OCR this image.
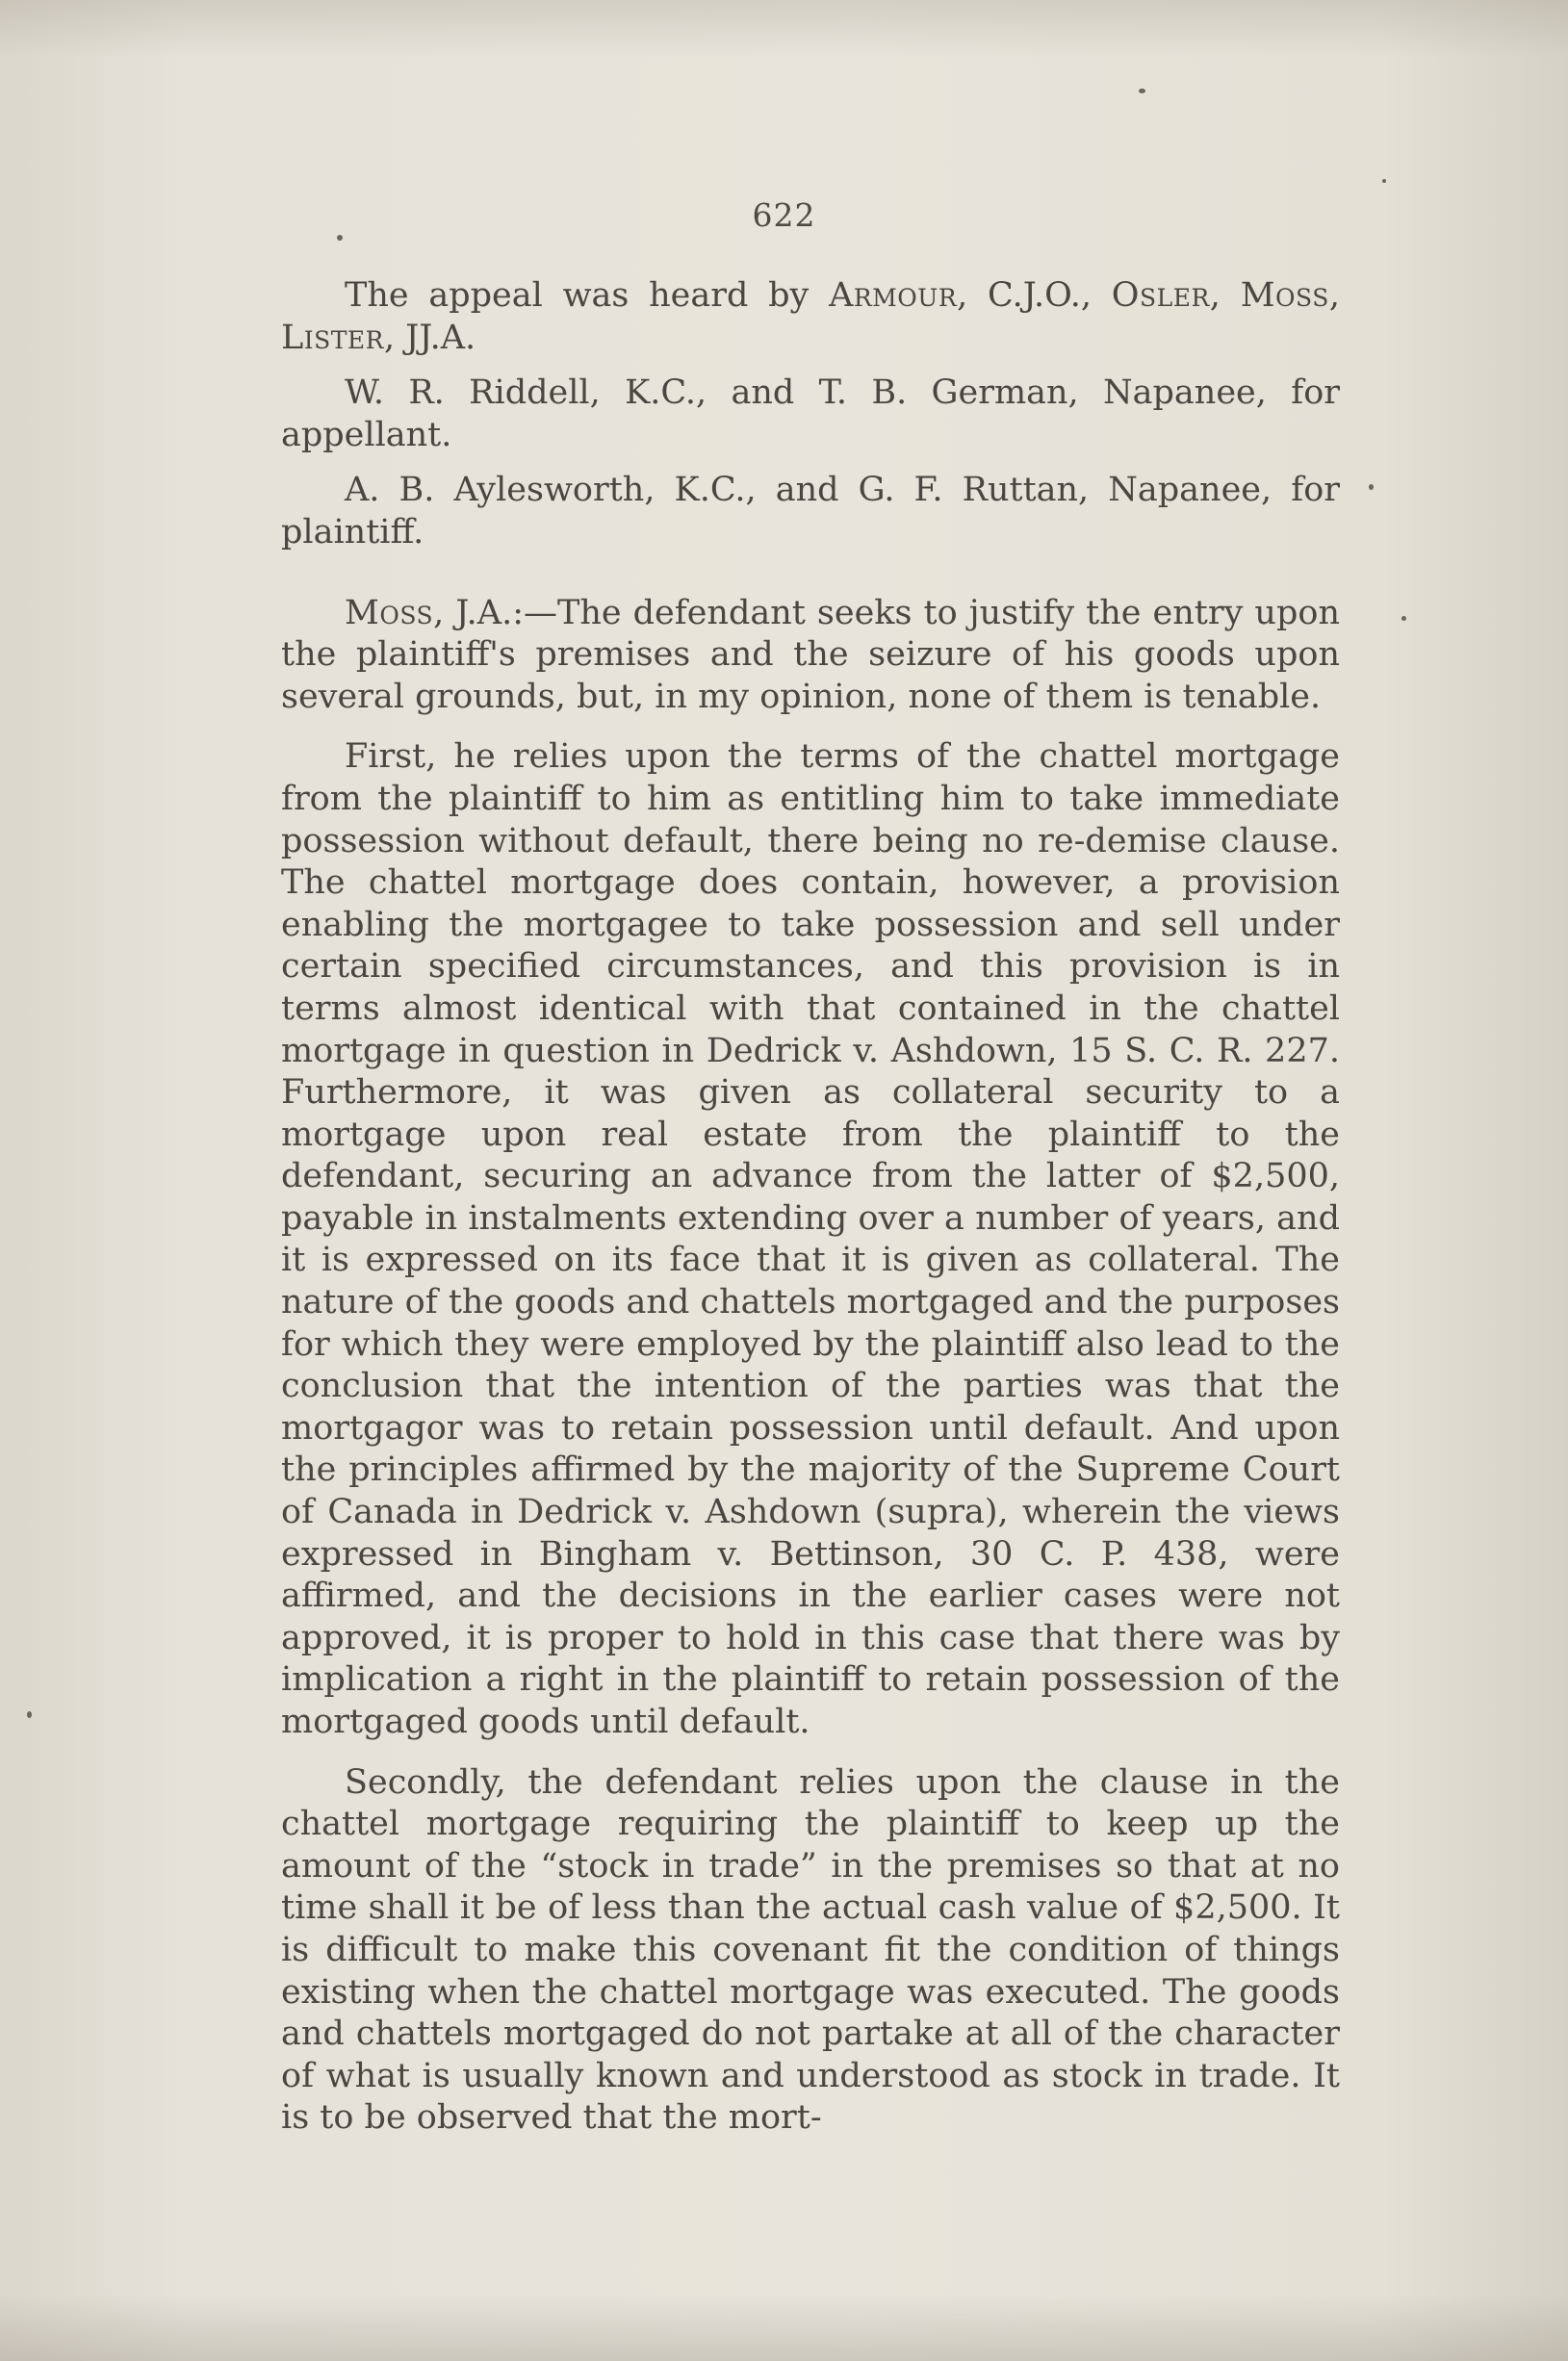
622

The appeal was heard by Armour, C.J.O., Osler, Moss, Lister, JJ.A.

W. R. Riddell, K.C., and T. B. German, Napanee, for appellant.

A. B. Aylesworth, K.C., and G. F. Ruttan, Napanee, for plaintiff.

Moss, J.A.:—The defendant seeks to justify the entry upon the plaintiff's premises and the seizure of his goods upon several grounds, but, in my opinion, none of them is tenable.

First, he relies upon the terms of the chattel mortgage from the plaintiff to him as entitling him to take immediate possession without default, there being no re-demise clause. The chattel mortgage does contain, however, a provision enabling the mortgagee to take possession and sell under certain specified circumstances, and this provision is in terms almost identical with that contained in the chattel mortgage in question in Dedrick v. Ashdown, 15 S. C. R. 227. Furthermore, it was given as collateral security to a mortgage upon real estate from the plaintiff to the defendant, securing an advance from the latter of $2,500, payable in instalments extending over a number of years, and it is expressed on its face that it is given as collateral. The nature of the goods and chattels mortgaged and the purposes for which they were employed by the plaintiff also lead to the conclusion that the intention of the parties was that the mortgagor was to retain possession until default. And upon the principles affirmed by the majority of the Supreme Court of Canada in Dedrick v. Ashdown (supra), wherein the views expressed in Bingham v. Bettinson, 30 C. P. 438, were affirmed, and the decisions in the earlier cases were not approved, it is proper to hold in this case that there was by implication a right in the plaintiff to retain possession of the mortgaged goods until default.

Secondly, the defendant relies upon the clause in the chattel mortgage requiring the plaintiff to keep up the amount of the “stock in trade” in the premises so that at no time shall it be of less than the actual cash value of $2,500. It is difficult to make this covenant fit the condition of things existing when the chattel mortgage was executed. The goods and chattels mortgaged do not partake at all of the character of what is usually known and understood as stock in trade. It is to be observed that the mort-
